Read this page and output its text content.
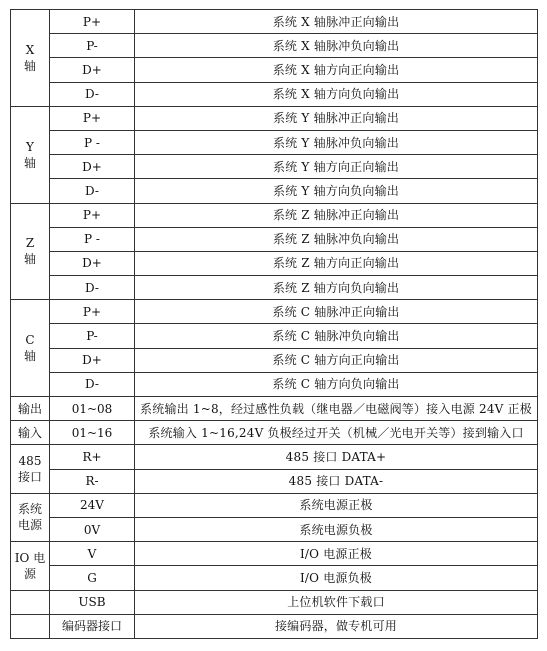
X
轴	P+	系统 X 轴脉冲正向输出
	P-	系统 X 轴脉冲负向输出
	D+	系统 X 轴方向正向输出
	D-	系统 X 轴方向负向输出

Y
轴	P+	系统 Y 轴脉冲正向输出
	P -	系统 Y 轴脉冲负向输出
	D+	系统 Y 轴方向正向输出
	D-	系统 Y 轴方向负向输出

Z
轴	P+	系统 Z 轴脉冲正向输出
	P -	系统 Z 轴脉冲负向输出
	D+	系统 Z 轴方向正向输出
	D-	系统 Z 轴方向负向输出

C
轴	P+	系统 C 轴脉冲正向输出
	P-	系统 C 轴脉冲负向输出
	D+	系统 C 轴方向正向输出
	D-	系统 C 轴方向负向输出

输出	01~08	系统输出 1~8，经过感性负载（继电器／电磁阀等）接入电源 24V 正极

输入	01~16	系统输入 1~16,24V 负极经过开关（机械／光电开关等）接到输入口

485
接口	R+	485 接口 DATA+
	R-	485 接口 DATA-

系统
电源	24V	系统电源正极
	0V	系统电源负极

IO 电
源	V	I/O 电源正极
	G	I/O 电源负极

	USB	上位机软件下载口

	编码器接口	接编码器，做专机可用
